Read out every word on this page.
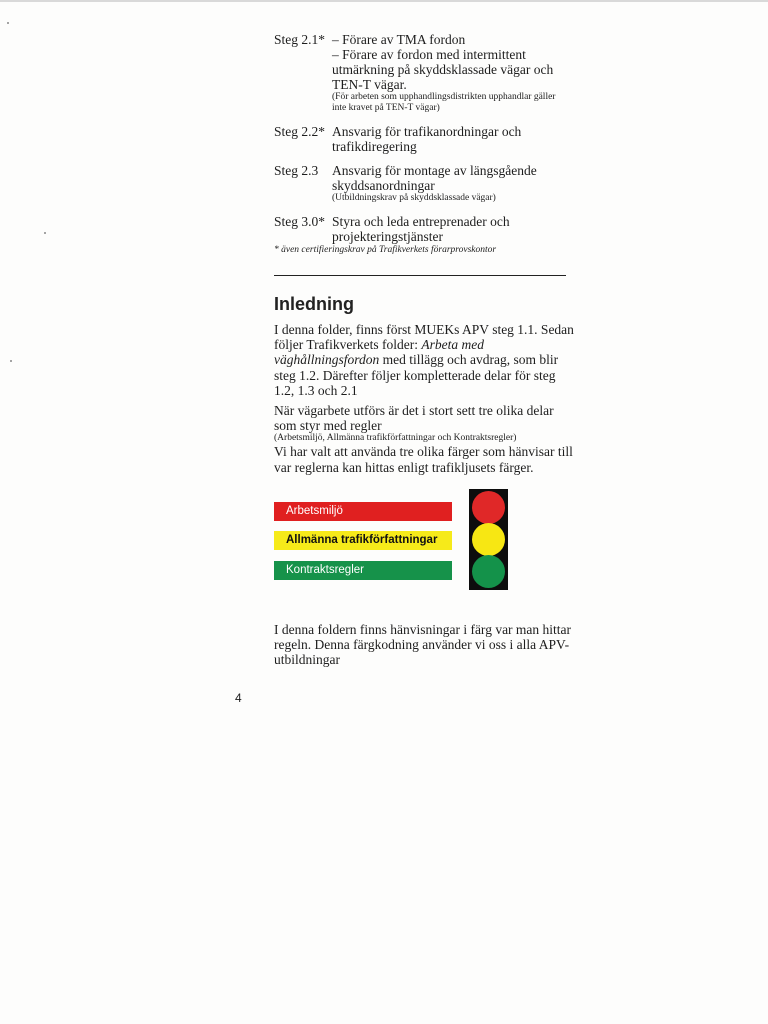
Steg 2.1* – Förare av TMA fordon
– Förare av fordon med intermittent utmärkning på skyddsklassade vägar och TEN-T vägar.
(För arbeten som upphandlingsdistrikten upphandlar gäller inte kravet på TEN-T vägar)
Steg 2.2* Ansvarig för trafikanordningar och trafikdiregering
Steg 2.3	Ansvarig för montage av längsgående skyddsanordningar
(Utbildningskrav på skyddsklassade vägar)
Steg 3.0* Styra och leda entreprenader och projekteringstjänster
* även certifieringskrav på Trafikverkets förarprovskontor
Inledning
I denna folder, finns först MUEKs APV steg 1.1. Sedan följer Trafikverkets folder: Arbeta med väghållningsfordon med tillägg och avdrag, som blir steg 1.2. Därefter följer kompletterade delar för steg 1.2, 1.3 och 2.1
När vägarbete utförs är det i stort sett tre olika delar som styr med regler
(Arbetsmiljö, Allmänna trafikförfattningar och Kontraktsregler)
Vi har valt att använda tre olika färger som hänvisar till var reglerna kan hittas enligt trafikljusets färger.
Arbetsmiljö
Allmänna trafikförfattningar
Kontraktsregler
I denna foldern finns hänvisningar i färg var man hittar regeln. Denna färgkodning använder vi oss i alla APV-utbildningar
4
